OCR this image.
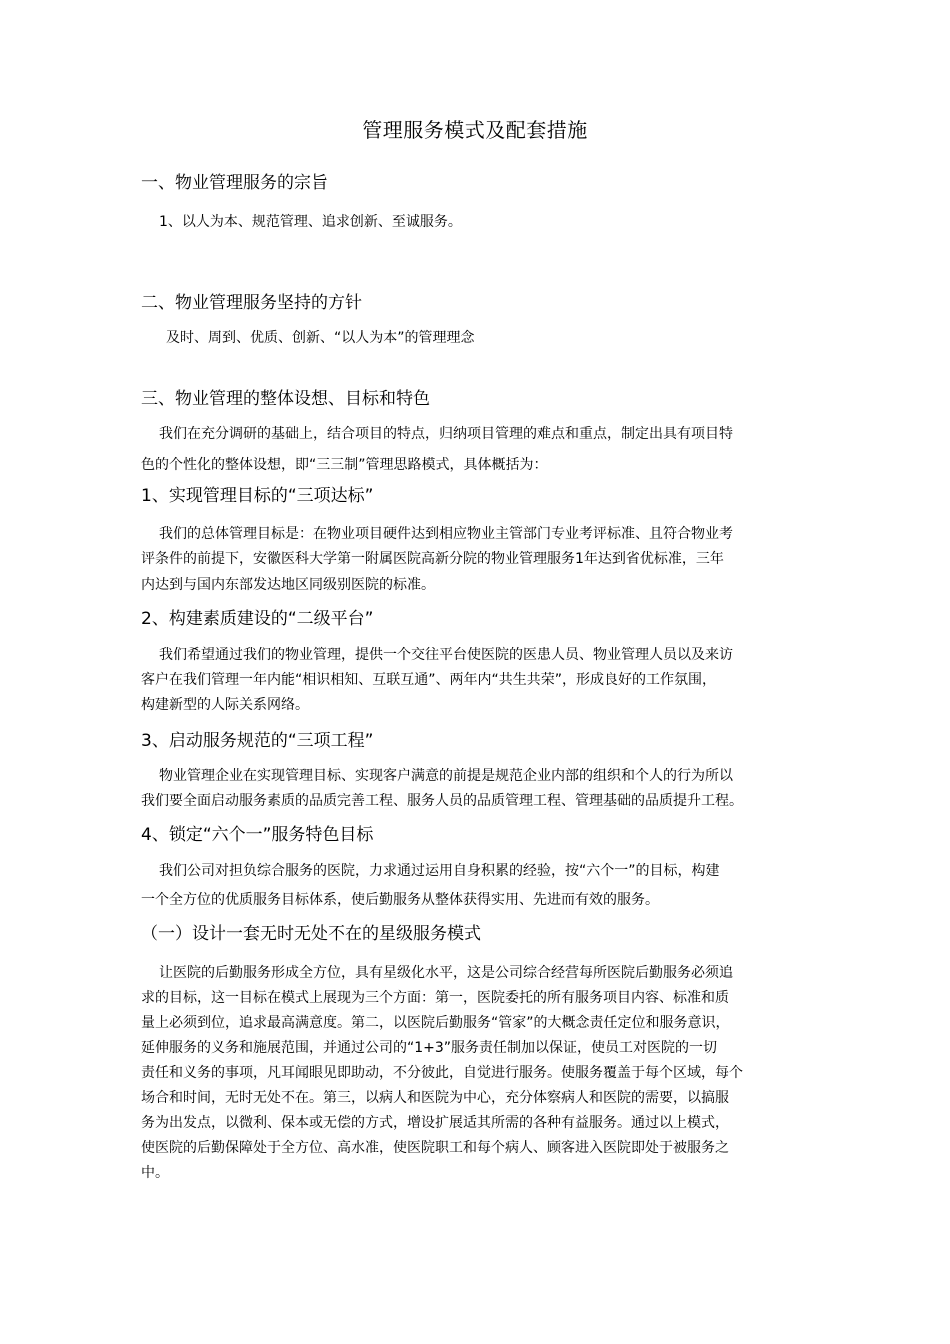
管理服务模式及配套措施
一、物业管理服务的宗旨
1、以人为本、规范管理、追求创新、至诚服务。
二、物业管理服务坚持的方针
及时、周到、优质、创新、“以人为本”的管理理念
三、物业管理的整体设想、目标和特色
我们在充分调研的基础上，结合项目的特点，归纳项目管理的难点和重点，制定出具有项目特
色的个性化的整体设想，即“三三制”管理思路模式，具体概括为：
1、实现管理目标的“三项达标”
我们的总体管理目标是：在物业项目硬件达到相应物业主管部门专业考评标准、且符合物业考
评条件的前提下，安徽医科大学第一附属医院高新分院的物业管理服务1年达到省优标准，三年
内达到与国内东部发达地区同级别医院的标准。
2、构建素质建设的“二级平台”
我们希望通过我们的物业管理，提供一个交往平台使医院的医患人员、物业管理人员以及来访
客户在我们管理一年内能“相识相知、互联互通”、两年内“共生共荣”，形成良好的工作氛围，
构建新型的人际关系网络。
3、启动服务规范的“三项工程”
物业管理企业在实现管理目标、实现客户满意的前提是规范企业内部的组织和个人的行为所以
我们要全面启动服务素质的品质完善工程、服务人员的品质管理工程、管理基础的品质提升工程。
4、锁定“六个一”服务特色目标
我们公司对担负综合服务的医院，力求通过运用自身积累的经验，按“六个一”的目标，构建
一个全方位的优质服务目标体系，使后勤服务从整体获得实用、先进而有效的服务。
（一）设计一套无时无处不在的星级服务模式
让医院的后勤服务形成全方位，具有星级化水平，这是公司综合经营每所医院后勤服务必须追
求的目标，这一目标在模式上展现为三个方面：第一，医院委托的所有服务项目内容、标准和质
量上必须到位，追求最高满意度。第二，以医院后勤服务“管家”的大概念责任定位和服务意识，
延伸服务的义务和施展范围，并通过公司的“1+3”服务责任制加以保证，使员工对医院的一切
责任和义务的事项，凡耳闻眼见即助动，不分彼此，自觉进行服务。使服务覆盖于每个区域，每个
场合和时间，无时无处不在。第三，以病人和医院为中心，充分体察病人和医院的需要，以搞服
务为出发点，以微利、保本或无偿的方式，增设扩展适其所需的各种有益服务。通过以上模式，
使医院的后勤保障处于全方位、高水准，使医院职工和每个病人、顾客进入医院即处于被服务之
中。
